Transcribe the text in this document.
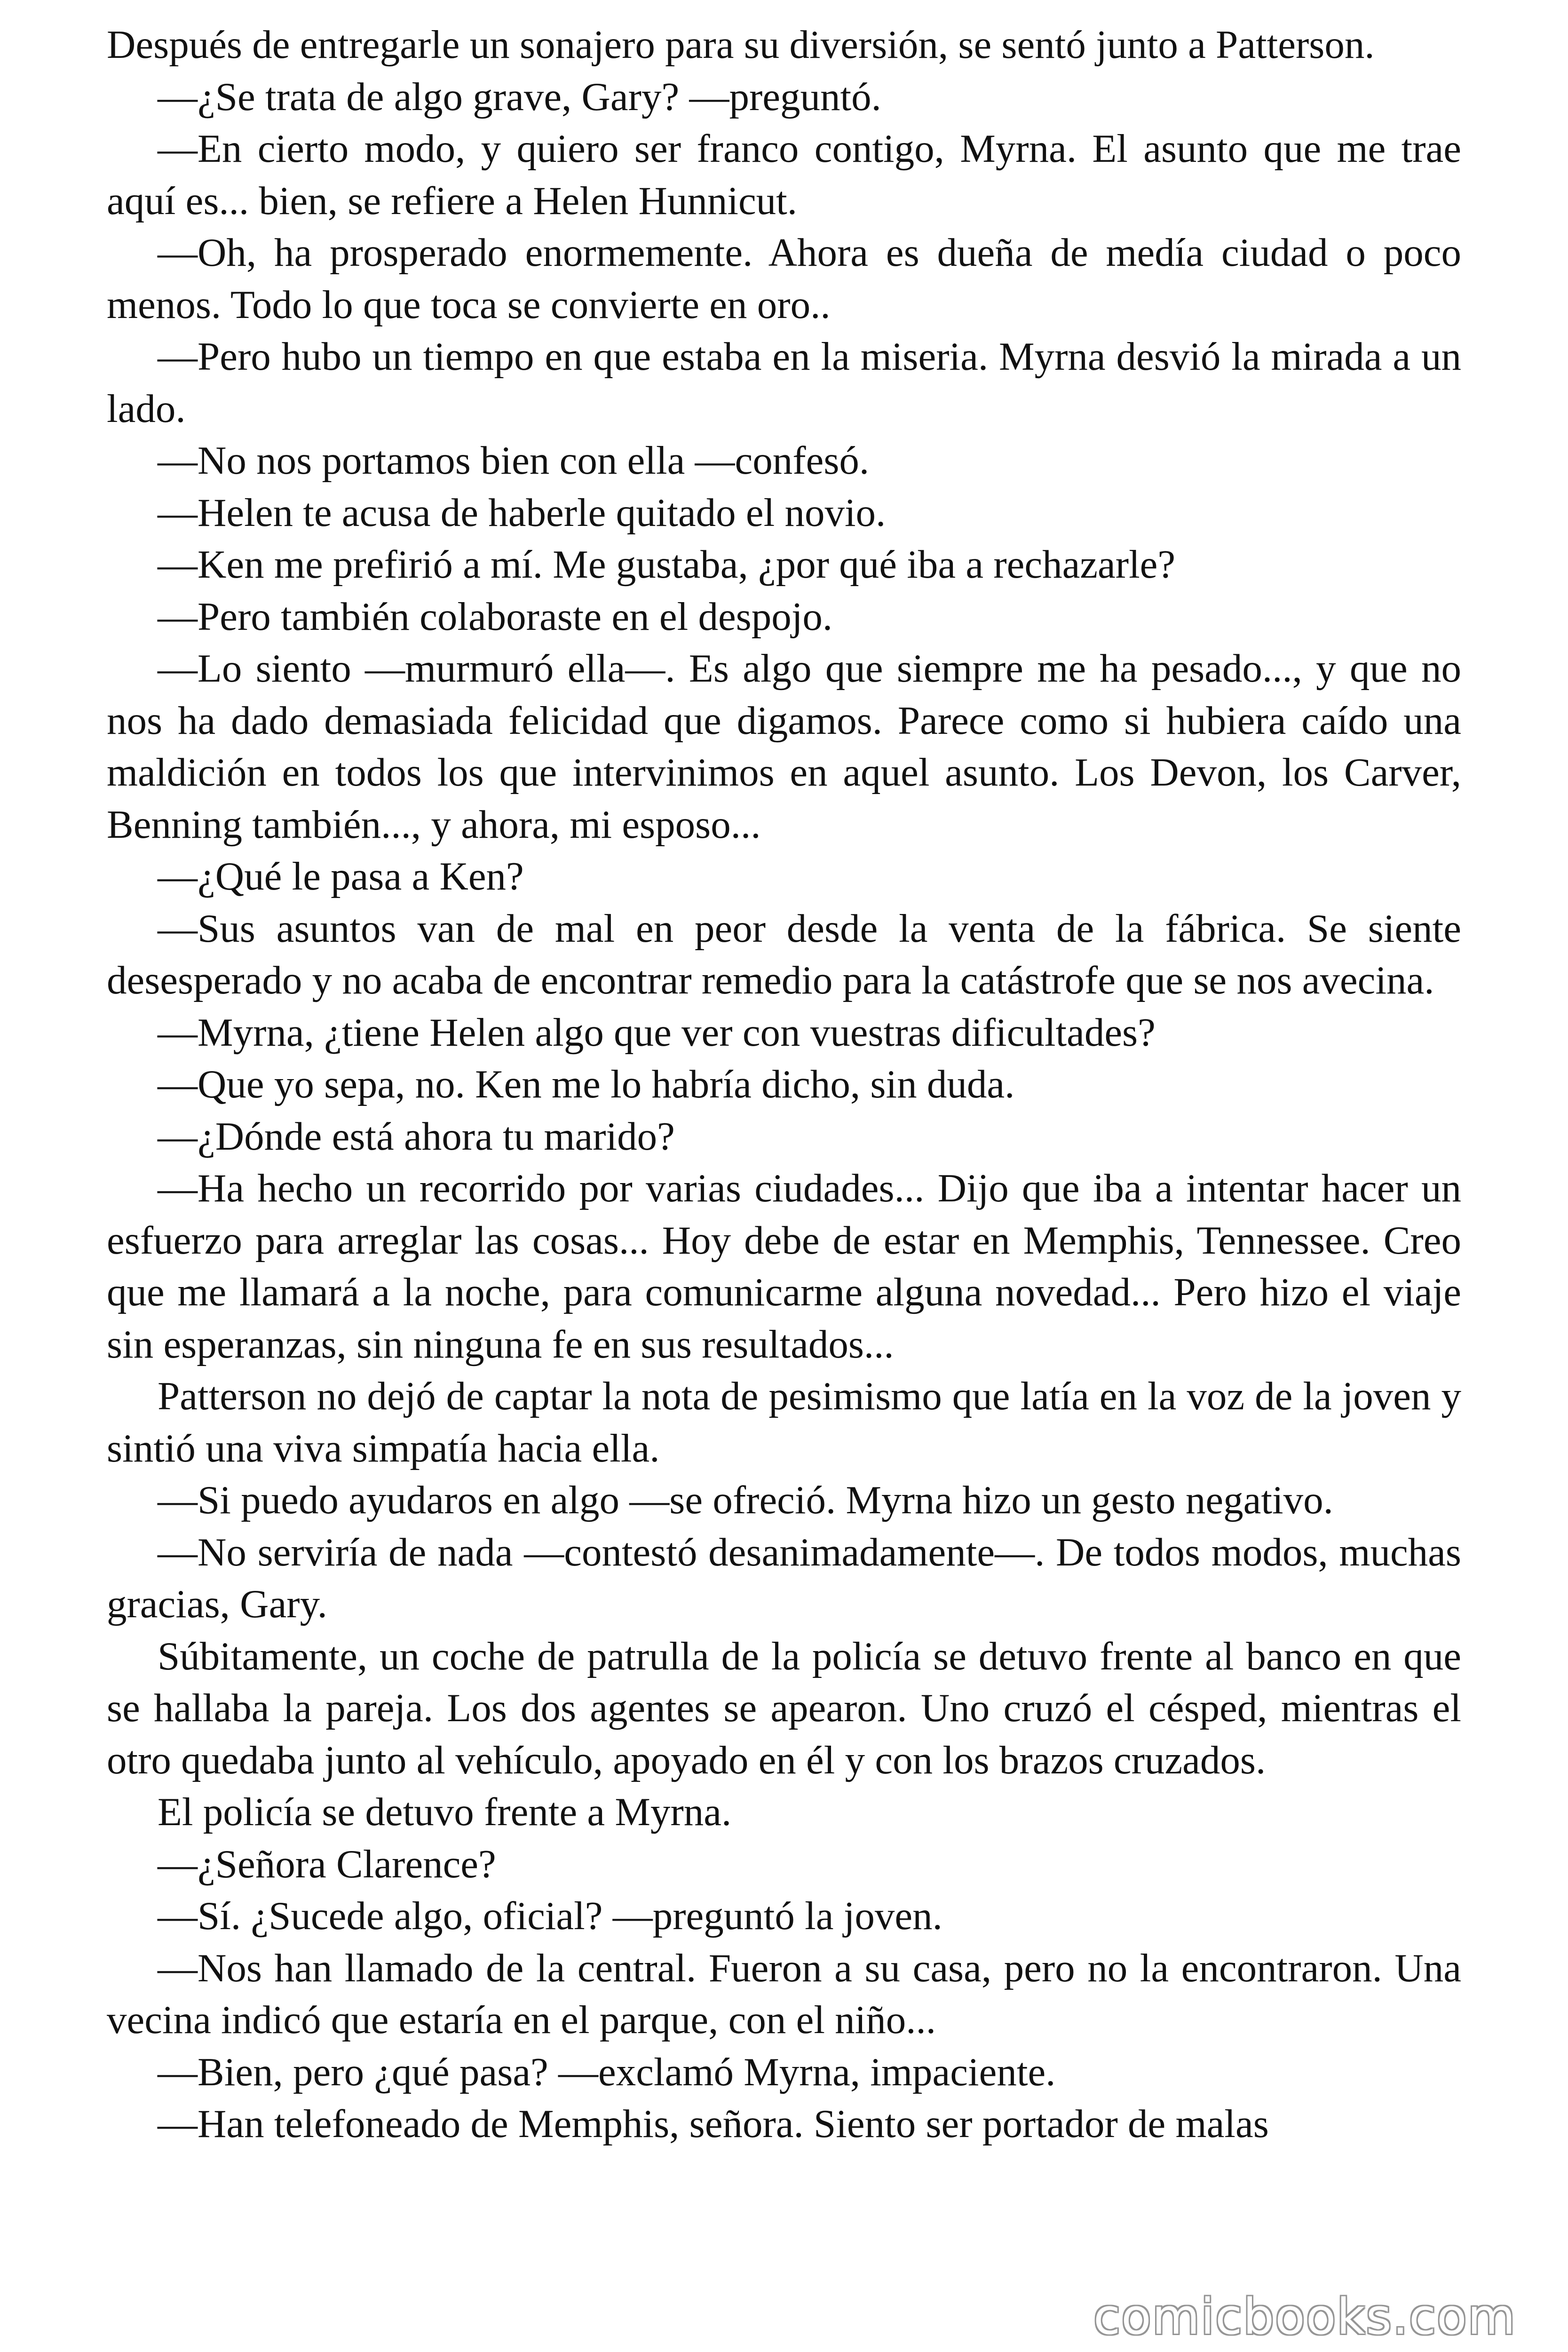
Después de entregarle un sonajero para su diversión, se sentó junto a Patterson.

—¿Se trata de algo grave, Gary? —preguntó.

—En cierto modo, y quiero ser franco contigo, Myrna. El asunto que me trae aquí es... bien, se refiere a Helen Hunnicut.

—Oh, ha prosperado enormemente. Ahora es dueña de medía ciudad o poco menos. Todo lo que toca se convierte en oro..

—Pero hubo un tiempo en que estaba en la miseria. Myrna desvió la mirada a un lado.

—No nos portamos bien con ella —confesó.

—Helen te acusa de haberle quitado el novio.

—Ken me prefirió a mí. Me gustaba, ¿por qué iba a rechazarle?

—Pero también colaboraste en el despojo.

—Lo siento —murmuró ella—. Es algo que siempre me ha pesado..., y que no nos ha dado demasiada felicidad que digamos. Parece como si hubiera caído una maldición en todos los que intervinimos en aquel asunto. Los Devon, los Carver, Benning también..., y ahora, mi esposo...

—¿Qué le pasa a Ken?

—Sus asuntos van de mal en peor desde la venta de la fábrica. Se siente desesperado y no acaba de encontrar remedio para la catástrofe que se nos avecina.

—Myrna, ¿tiene Helen algo que ver con vuestras dificultades?

—Que yo sepa, no. Ken me lo habría dicho, sin duda.

—¿Dónde está ahora tu marido?

—Ha hecho un recorrido por varias ciudades... Dijo que iba a intentar hacer un esfuerzo para arreglar las cosas... Hoy debe de estar en Memphis, Tennessee. Creo que me llamará a la noche, para comunicarme alguna novedad... Pero hizo el viaje sin esperanzas, sin ninguna fe en sus resultados...

Patterson no dejó de captar la nota de pesimismo que latía en la voz de la joven y sintió una viva simpatía hacia ella.

—Si puedo ayudaros en algo —se ofreció. Myrna hizo un gesto negativo.

—No serviría de nada —contestó desanimadamente—. De todos modos, muchas gracias, Gary.

Súbitamente, un coche de patrulla de la policía se detuvo frente al banco en que se hallaba la pareja. Los dos agentes se apearon. Uno cruzó el césped, mientras el otro quedaba junto al vehículo, apoyado en él y con los brazos cruzados.

El policía se detuvo frente a Myrna.

—¿Señora Clarence?

—Sí. ¿Sucede algo, oficial? —preguntó la joven.

—Nos han llamado de la central. Fueron a su casa, pero no la encontraron. Una vecina indicó que estaría en el parque, con el niño...

—Bien, pero ¿qué pasa? —exclamó Myrna, impaciente.

—Han telefoneado de Memphis, señora. Siento ser portador de malas

comicbooks.com
